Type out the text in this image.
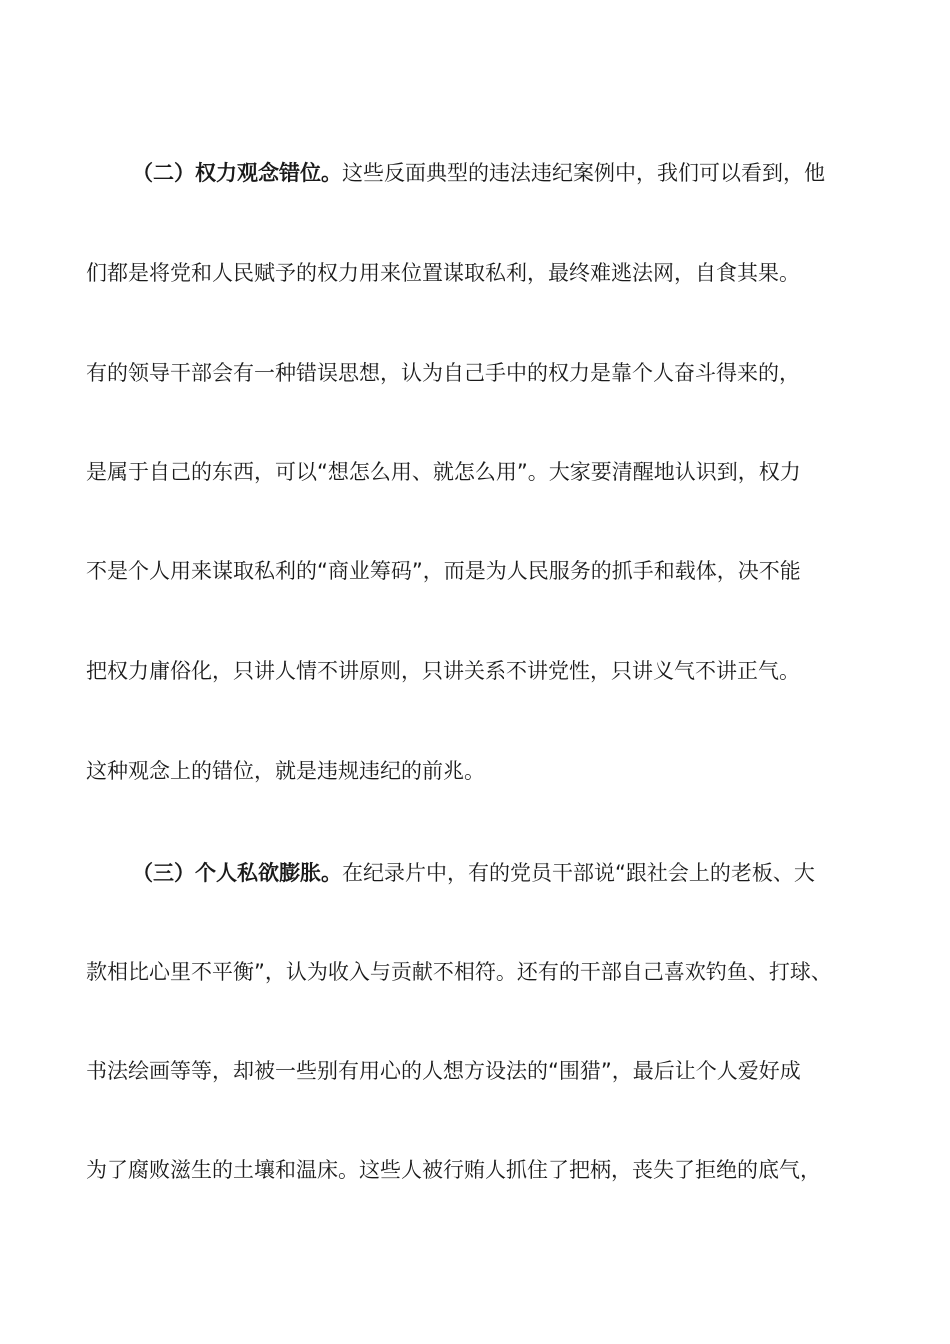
（二）权力观念错位。这些反面典型的违法违纪案例中，我们可以看到，他
们都是将党和人民赋予的权力用来位置谋取私利，最终难逃法网，自食其果。
有的领导干部会有一种错误思想，认为自己手中的权力是靠个人奋斗得来的，
是属于自己的东西，可以“想怎么用、就怎么用”。大家要清醒地认识到，权力
不是个人用来谋取私利的“商业筹码”，而是为人民服务的抓手和载体，决不能
把权力庸俗化，只讲人情不讲原则，只讲关系不讲党性，只讲义气不讲正气。
这种观念上的错位，就是违规违纪的前兆。
（三）个人私欲膨胀。在纪录片中，有的党员干部说“跟社会上的老板、大
款相比心里不平衡”，认为收入与贡献不相符。还有的干部自己喜欢钓鱼、打球、
书法绘画等等，却被一些别有用心的人想方设法的“围猎”，最后让个人爱好成
为了腐败滋生的土壤和温床。这些人被行贿人抓住了把柄，丧失了拒绝的底气，
